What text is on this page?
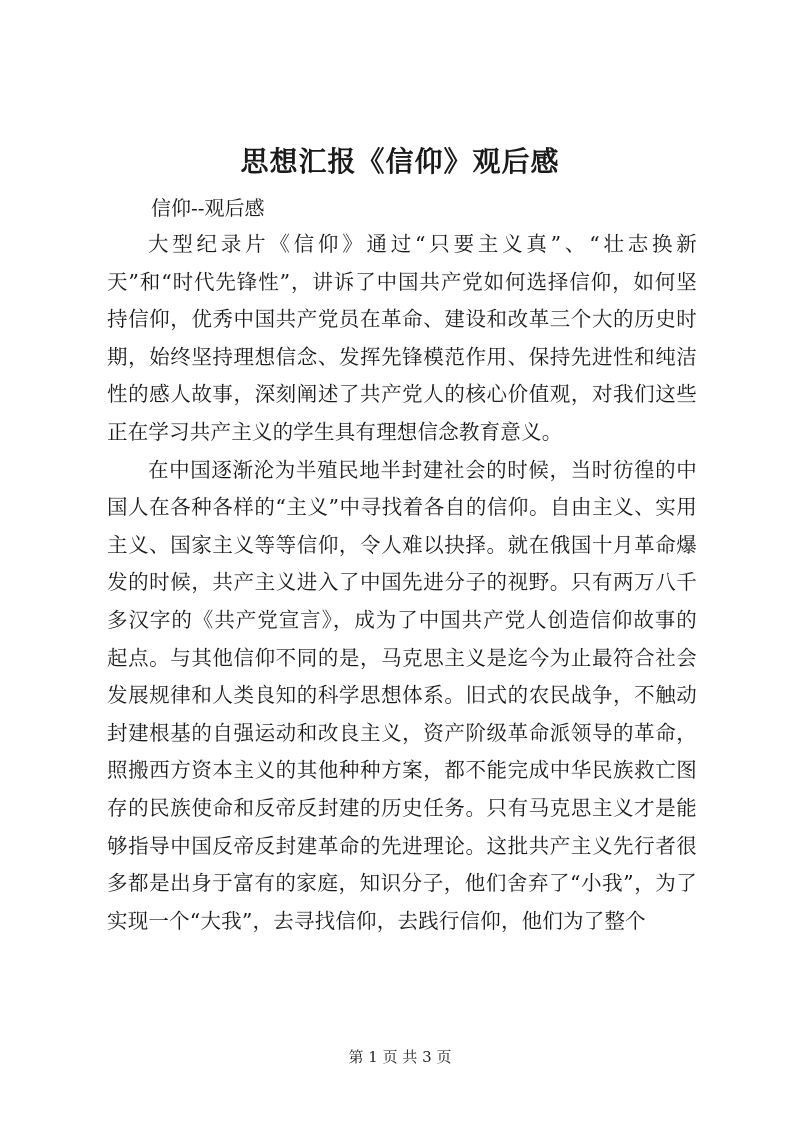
思想汇报《信仰》观后感

信仰--观后感

大型纪录片《信仰》通过“只要主义真”、“壮志换新天”和“时代先锋性”，讲诉了中国共产党如何选择信仰，如何坚持信仰，优秀中国共产党员在革命、建设和改革三个大的历史时期，始终坚持理想信念、发挥先锋模范作用、保持先进性和纯洁性的感人故事，深刻阐述了共产党人的核心价值观，对我们这些正在学习共产主义的学生具有理想信念教育意义。

在中国逐渐沦为半殖民地半封建社会的时候，当时彷徨的中国人在各种各样的“主义”中寻找着各自的信仰。自由主义、实用主义、国家主义等等信仰，令人难以抉择。就在俄国十月革命爆发的时候，共产主义进入了中国先进分子的视野。只有两万八千多汉字的《共产党宣言》，成为了中国共产党人创造信仰故事的起点。与其他信仰不同的是，马克思主义是迄今为止最符合社会发展规律和人类良知的科学思想体系。旧式的农民战争，不触动封建根基的自强运动和改良主义，资产阶级革命派领导的革命，照搬西方资本主义的其他种种方案，都不能完成中华民族救亡图存的民族使命和反帝反封建的历史任务。只有马克思主义才是能够指导中国反帝反封建革命的先进理论。这批共产主义先行者很多都是出身于富有的家庭，知识分子，他们舍弃了“小我”，为了实现一个“大我”，去寻找信仰，去践行信仰，他们为了整个

第 1 页 共 3 页
